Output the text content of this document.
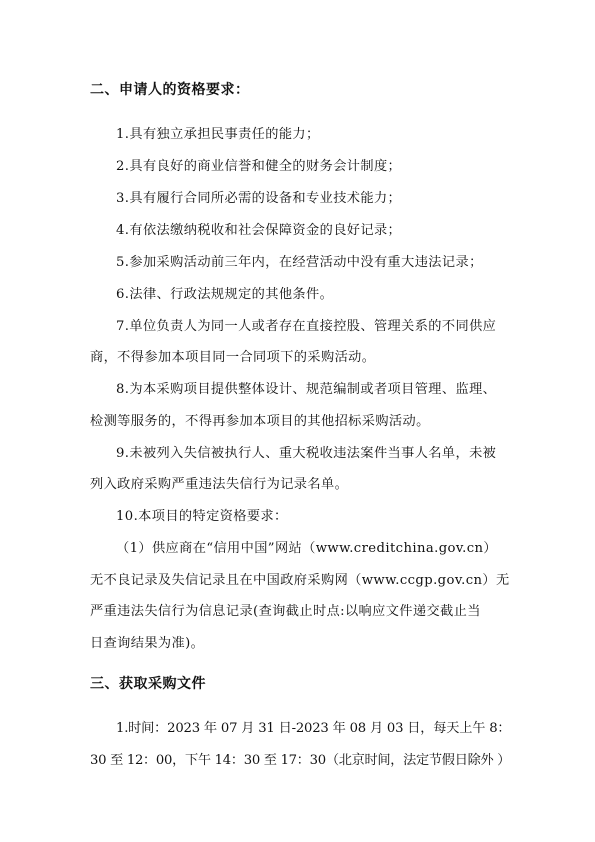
二、申请人的资格要求：
1.具有独立承担民事责任的能力；
2.具有良好的商业信誉和健全的财务会计制度；
3.具有履行合同所必需的设备和专业技术能力；
4.有依法缴纳税收和社会保障资金的良好记录；
5.参加采购活动前三年内，在经营活动中没有重大违法记录；
6.法律、行政法规规定的其他条件。
7.单位负责人为同一人或者存在直接控股、管理关系的不同供应
商，不得参加本项目同一合同项下的采购活动。
8.为本采购项目提供整体设计、规范编制或者项目管理、监理、
检测等服务的，不得再参加本项目的其他招标采购活动。
9.未被列入失信被执行人、重大税收违法案件当事人名单，未被
列入政府采购严重违法失信行为记录名单。
10.本项目的特定资格要求：
（1）供应商在“信用中国”网站（www.creditchina.gov.cn）
无不良记录及失信记录且在中国政府采购网（www.ccgp.gov.cn）无
严重违法失信行为信息记录(查询截止时点:以响应文件递交截止当
日查询结果为准)。
三、获取采购文件
1.时间：2023 年 07 月 31 日-2023 年 08 月 03 日，每天上午 8：
30 至 12：00，下午 14：30 至 17：30（北京时间，法定节假日除外 ）
